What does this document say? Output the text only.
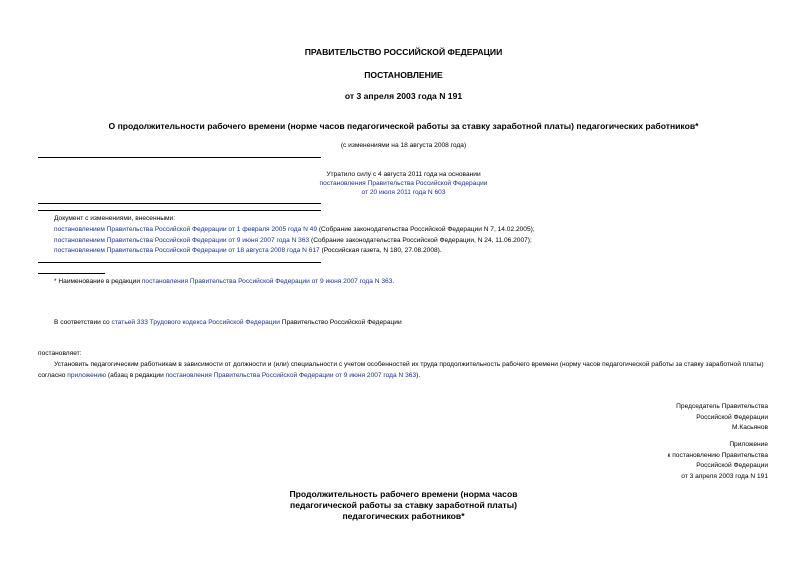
ПРАВИТЕЛЬСТВО РОССИЙСКОЙ ФЕДЕРАЦИИ
ПОСТАНОВЛЕНИЕ
от 3 апреля 2003 года N 191
О продолжительности рабочего времени (норме часов педагогической работы за ставку заработной платы) педагогических работников*
(с изменениями на 18 августа 2008 года)
Утратило силу с 4 августа 2011 года на основании
постановления Правительства Российской Федерации
от 20 июля 2011 года N 603
Документ с изменениями, внесенными:
постановлением Правительства Российской Федерации от 1 февраля 2005 года N 49 (Собрание законодательства Российской Федерации N 7, 14.02.2005);
постановлением Правительства Российской Федерации от 9 июня 2007 года N 363 (Собрание законодательства Российской Федерации, N 24, 11.06.2007);
постановлением Правительства Российской Федерации от 18 августа 2008 года N 617 (Российская газета, N 180, 27.08.2008).
* Наименование в редакции постановления Правительства Российской Федерации от 9 июня 2007 года N 363.
В соответствии со статьей 333 Трудового кодекса Российской Федерации Правительство Российской Федерации
постановляет:
Установить педагогическим работникам в зависимости от должности и (или) специальности с учетом особенностей их труда продолжительность рабочего времени (норму часов педагогической работы за ставку заработной платы) согласно приложению (абзац в редакции постановления Правительства Российской Федерации от 9 июня 2007 года N 363).

Председатель Правительства

Российской Федерации

М.Касьянов

Приложение

к постановлению Правительства

Российской Федерации

от 3 апреля 2003 года N 191

Продолжительность рабочего времени (норма часов

педагогической работы за ставку заработной платы)

педагогических работников*
